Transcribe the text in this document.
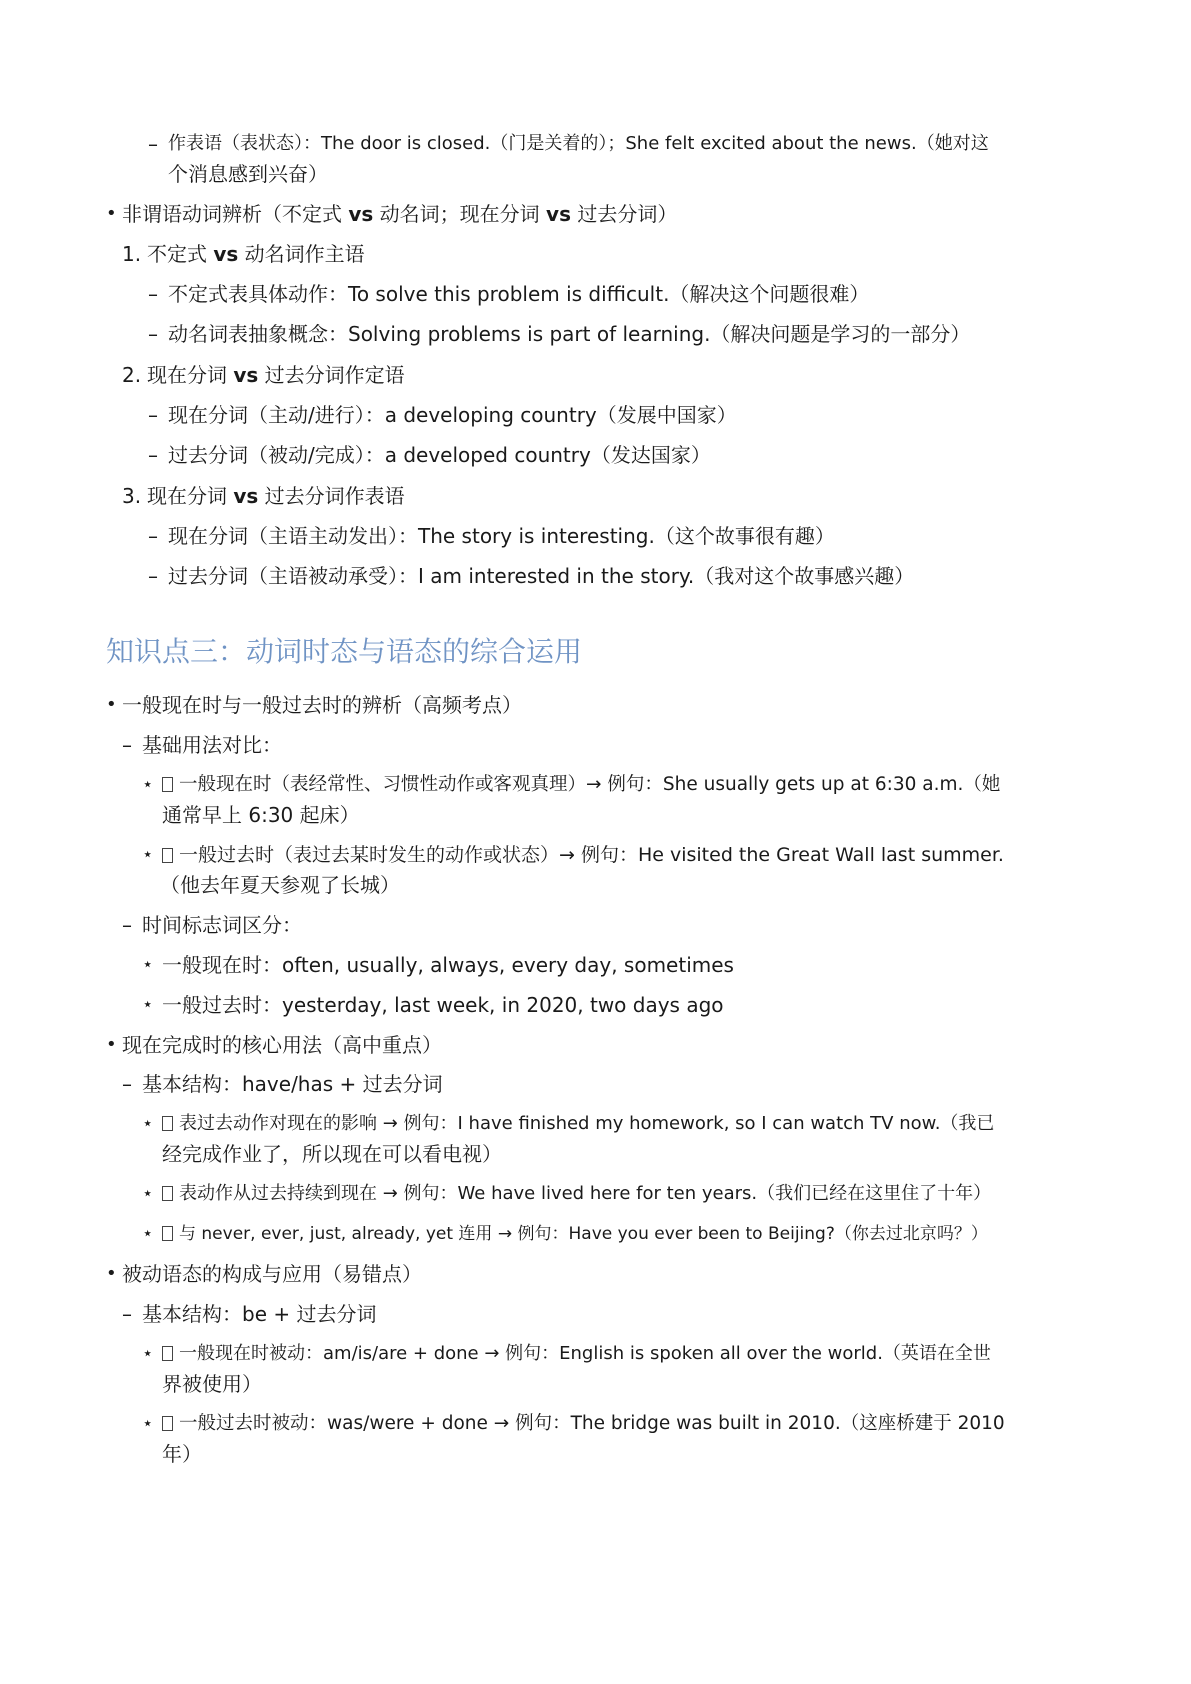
– 作表语（表状态）：The door is closed.（门是关着的）；She felt excited about the news.（她对这
个消息感到兴奋）
• 非谓语动词辨析（不定式 vs 动名词；现在分词 vs 过去分词）
1. 不定式 vs 动名词作主语
– 不定式表具体动作：To solve this problem is difficult.（解决这个问题很难）
– 动名词表抽象概念：Solving problems is part of learning.（解决问题是学习的一部分）
2. 现在分词 vs 过去分词作定语
– 现在分词（主动/进行）：a developing country（发展中国家）
– 过去分词（被动/完成）：a developed country（发达国家）
3. 现在分词 vs 过去分词作表语
– 现在分词（主语主动发出）：The story is interesting.（这个故事很有趣）
– 过去分词（主语被动承受）：I am interested in the story.（我对这个故事感兴趣）
知识点三：动词时态与语态的综合运用
• 一般现在时与一般过去时的辨析（高频考点）
– 基础用法对比：
⋆	一般现在时（表经常性、习惯性动作或客观真理）→ 例句：She usually gets up at 6:30 a.m.（她
通常早上 6:30 起床）
⋆	一般过去时（表过去某时发生的动作或状态）→ 例句：He visited the Great Wall last summer.
（他去年夏天参观了长城）
– 时间标志词区分：
⋆ 一般现在时：often, usually, always, every day, sometimes
⋆ 一般过去时：yesterday, last week, in 2020, two days ago
• 现在完成时的核心用法（高中重点）
– 基本结构：have/has + 过去分词
⋆	表过去动作对现在的影响 → 例句：I have finished my homework, so I can watch TV now.（我已
经完成作业了，所以现在可以看电视）
⋆	表动作从过去持续到现在 → 例句：We have lived here for ten years.（我们已经在这里住了十年）
⋆	与 never, ever, just, already, yet 连用 → 例句：Have you ever been to Beijing?（你去过北京吗？）
• 被动语态的构成与应用（易错点）
– 基本结构：be + 过去分词
⋆	一般现在时被动：am/is/are + done → 例句：English is spoken all over the world.（英语在全世
界被使用）
⋆	一般过去时被动：was/were + done → 例句：The bridge was built in 2010.（这座桥建于 2010
年）
